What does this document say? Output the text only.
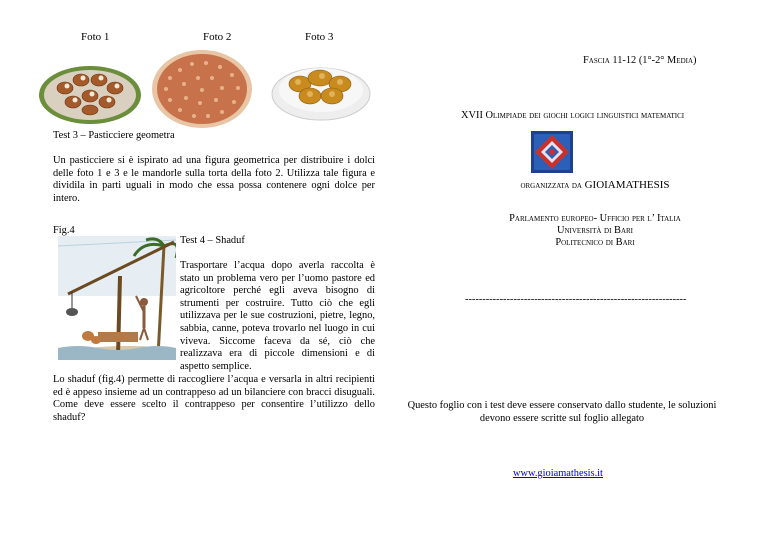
Foto 1	Foto 2	Foto 3
Test 3 – Pasticciere geometra
Un pasticciere si è ispirato ad una figura geometrica per distribuire i dolci delle foto 1 e 3 e le mandorle sulla torta della foto 2. Utilizza tale figura e dividila in parti uguali in modo che essa possa contenere ogni dolce per intero.
Fig.4
Test 4 – Shaduf
Trasportare l’acqua dopo averla raccolta è stato un problema vero per l’uomo pastore ed agricoltore perché egli aveva bisogno di strumenti per costruire. Tutto ciò che egli utilizzava per le sue costruzioni, pietre, legno, sabbia, canne, poteva trovarlo nel luogo in cui viveva. Siccome faceva da sé, ciò che realizzava era di piccole dimensioni e di aspetto semplice.
Lo shaduf (fig.4) permette di raccogliere l’acqua e versarla in altri recipienti ed è appeso insieme ad un contrappeso ad un bilanciere con bracci disuguali. Come deve essere scelto il contrappeso per consentire l’utilizzo dello shaduf?
Fascia 11-12 (1°-2° Media)
XVII Olimpiade dei giochi logici linguistici matematici
organizzata da GIOIAMATHESIS
Parlamento europeo- Ufficio per l’ Italia
Università di Bari
Politecnico di Bari
----------------------------------------------------------------
Questo foglio con i test deve essere conservato dallo studente, le soluzioni devono essere scritte sul foglio allegato
www.gioiamathesis.it
